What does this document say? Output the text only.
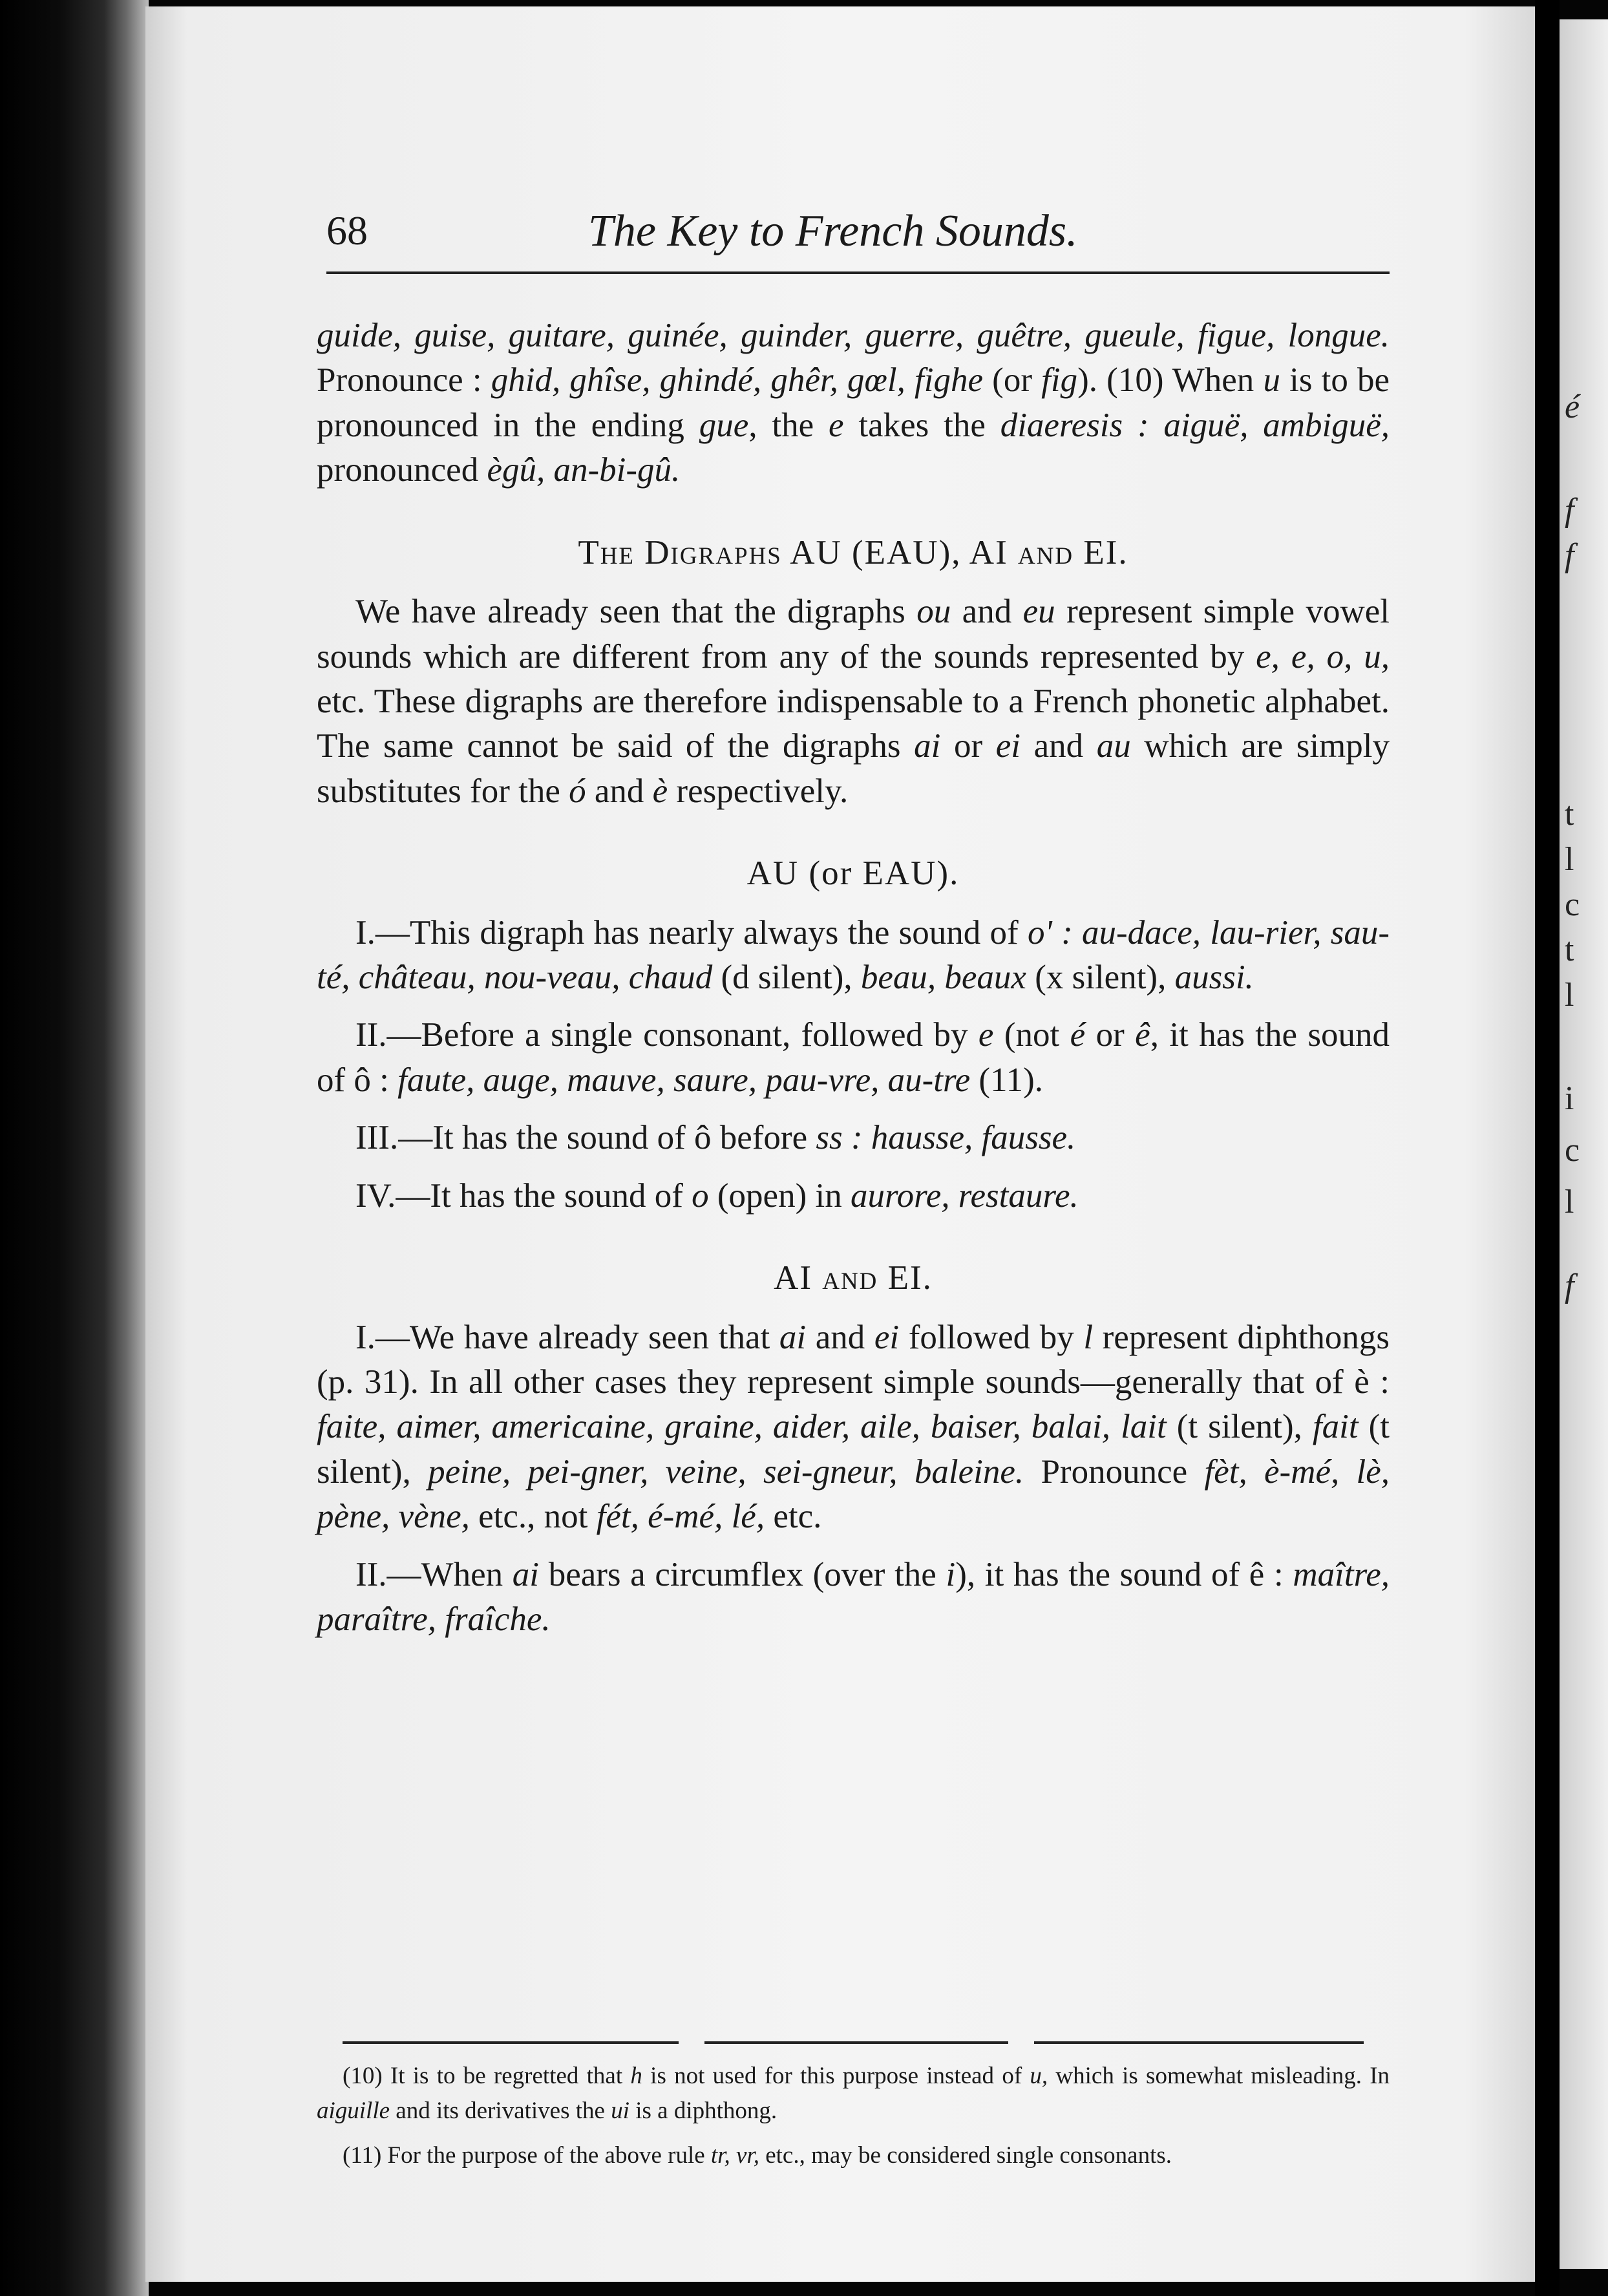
é
f
f
t
l
c
t
l
i
c
l
f
68	The Key to French Sounds.

guide, guise, guitare, guinée, guinder, guerre, guêtre, gueule, figue, longue. Pronounce : ghid, ghîse, ghindé, ghêr, gœl, fighe (or fig). (10) When u is to be pronounced in the ending gue, the e takes the diaeresis : aiguë, ambiguë, pronounced ègû, an-bi-gû.

The Digraphs AU (EAU), AI and EI.

We have already seen that the digraphs ou and eu represent simple vowel sounds which are different from any of the sounds represented by e, e, o, u, etc. These digraphs are therefore indispensable to a French phonetic alphabet. The same cannot be said of the digraphs ai or ei and au which are simply substitutes for the ó and è respectively.

AU (or EAU).

I.—This digraph has nearly always the sound of o' : au-dace, lau-rier, sau-té, château, nou-veau, chaud (d silent), beau, beaux (x silent), aussi.

II.—Before a single consonant, followed by e (not é or ê, it has the sound of ô : faute, auge, mauve, saure, pau-vre, au-tre (11).

III.—It has the sound of ô before ss : hausse, fausse.

IV.—It has the sound of o (open) in aurore, restaure.

AI and EI.

I.—We have already seen that ai and ei followed by l represent diphthongs (p. 31). In all other cases they represent simple sounds—generally that of è : faite, aimer, americaine, graine, aider, aile, baiser, balai, lait (t silent), fait (t silent), peine, pei-gner, veine, sei-gneur, baleine. Pronounce fèt, è-mé, lè, pène, vène, etc., not fét, é-mé, lé, etc.

II.—When ai bears a circumflex (over the i), it has the sound of ê : maître, paraître, fraîche.

(10) It is to be regretted that h is not used for this purpose instead of u, which is somewhat misleading. In aiguille and its derivatives the ui is a diphthong.

(11) For the purpose of the above rule tr, vr, etc., may be considered single consonants.
